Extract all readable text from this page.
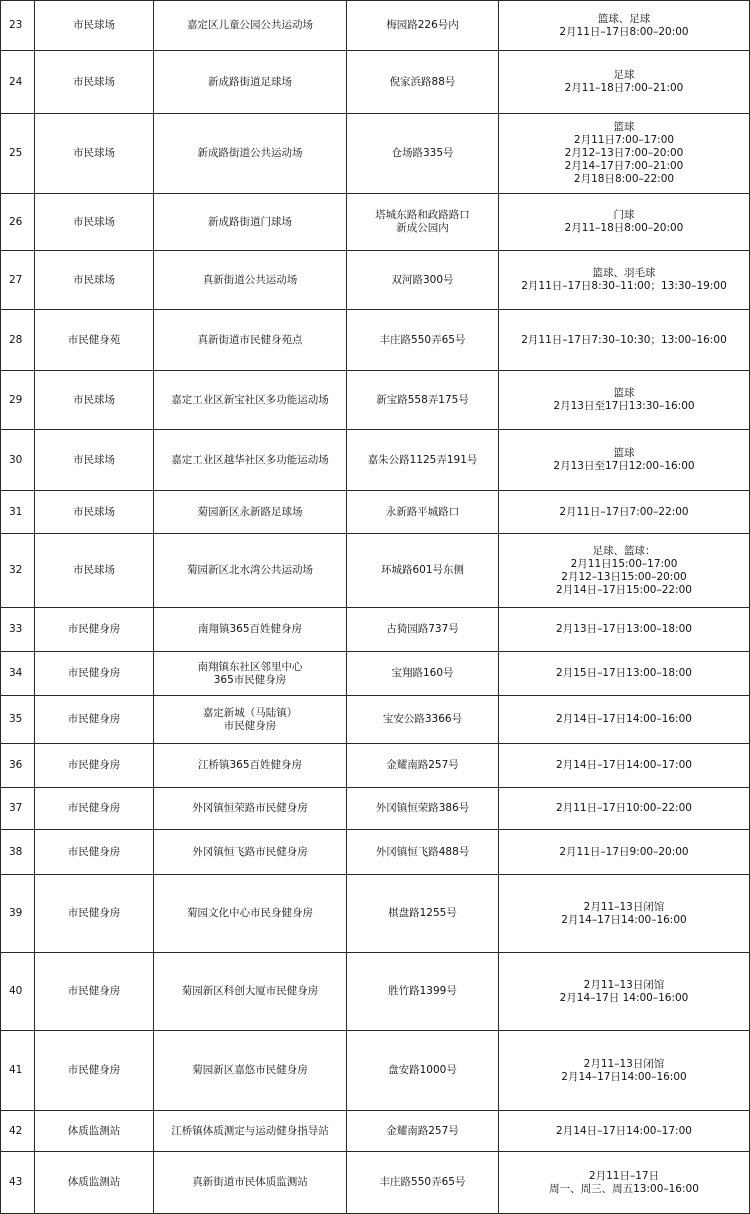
23	市民球场	嘉定区儿童公园公共运动场	梅园路226号内	篮球、足球
2月11日–17日8:00–20:00

24	市民球场	新成路街道足球场	倪家浜路88号	足球
2月11–18日7:00–21:00

25	市民球场	新成路街道公共运动场	仓场路335号	篮球
2月11日7:00–17:00
2月12–13日7:00–20:00
2月14–17日7:00–21:00
2月18日8:00–22:00

26	市民球场	新成路街道门球场	塔城东路和政路路口
新成公园内	门球
2月11–18日8:00–20:00

27	市民球场	真新街道公共运动场	双河路300号	篮球、羽毛球
2月11日–17日8:30–11:00；13:30–19:00

28	市民健身苑	真新街道市民健身苑点	丰庄路550弄65号	2月11日–17日7:30–10:30；13:00–16:00

29	市民球场	嘉定工业区新宝社区多功能运动场	新宝路558弄175号	篮球
2月13日至17日13:30–16:00

30	市民球场	嘉定工业区越华社区多功能运动场	嘉朱公路1125弄191号	篮球
2月13日至17日12:00–16:00

31	市民球场	菊园新区永新路足球场	永新路平城路口	2月11日–17日7:00–22:00

32	市民球场	菊园新区北水湾公共运动场	环城路601号东侧	足球、篮球：
2月11日15:00–17:00
2月12–13日15:00–20:00
2月14日–17日15:00–22:00

33	市民健身房	南翔镇365百姓健身房	古猗园路737号	2月13日–17日13:00–18:00

34	市民健身房	南翔镇东社区邻里中心
365市民健身房	宝翔路160号	2月15日–17日13:00–18:00

35	市民健身房	嘉定新城（马陆镇）
市民健身房	宝安公路3366号	2月14日–17日14:00–16:00

36	市民健身房	江桥镇365百姓健身房	金耀南路257号	2月14日–17日14:00–17:00

37	市民健身房	外冈镇恒荣路市民健身房	外冈镇恒荣路386号	2月11日–17日10:00–22:00

38	市民健身房	外冈镇恒飞路市民健身房	外冈镇恒飞路488号	2月11日–17日9:00–20:00

39	市民健身房	菊园文化中心市民身健身房	棋盘路1255号	2月11–13日闭馆
2月14–17日14:00–16:00

40	市民健身房	菊园新区科创大厦市民健身房	胜竹路1399号	2月11–13日闭馆
2月14–17日 14:00–16:00

41	市民健身房	菊园新区嘉悠市民健身房	盘安路1000号	2月11–13日闭馆
2月14–17日14:00–16:00

42	体质监测站	江桥镇体质测定与运动健身指导站	金耀南路257号	2月14日–17日14:00–17:00

43	体质监测站	真新街道市民体质监测站	丰庄路550弄65号	2月11日–17日
周一、周三、周五13:00–16:00
